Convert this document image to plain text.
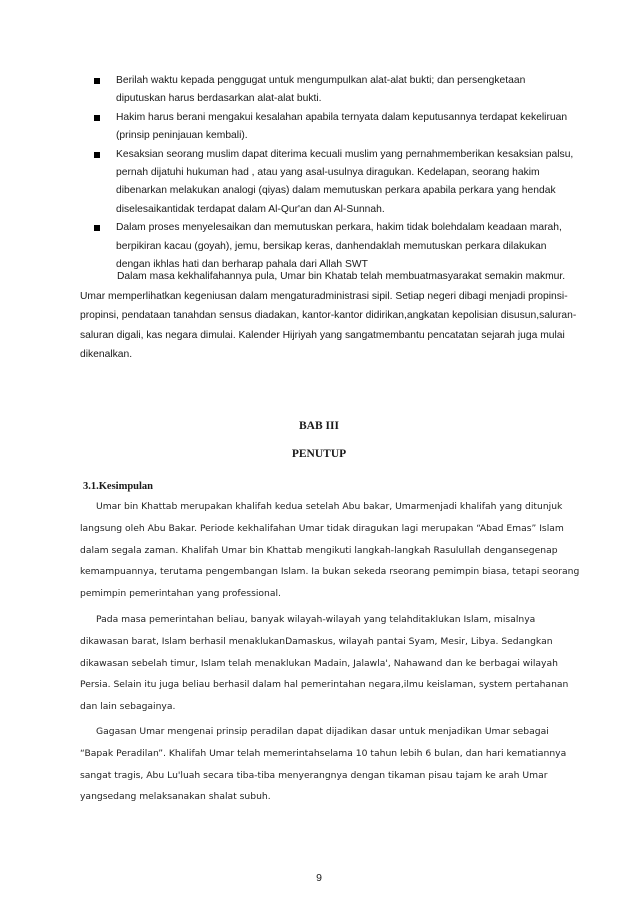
Berilah waktu kepada penggugat untuk mengumpulkan alat-alat bukti; dan persengketaan diputuskan harus berdasarkan alat-alat bukti.
Hakim harus berani mengakui kesalahan apabila ternyata dalam keputusannya terdapat kekeliruan (prinsip peninjauan kembali).
Kesaksian seorang muslim dapat diterima kecuali muslim yang pernahmemberikan kesaksian palsu, pernah dijatuhi hukuman had , atau yang asal-usulnya diragukan. Kedelapan, seorang hakim dibenarkan melakukan analogi (qiyas) dalam memutuskan perkara apabila perkara yang hendak diselesaikantidak terdapat dalam Al-Qur'an dan Al-Sunnah.
Dalam proses menyelesaikan dan memutuskan perkara, hakim tidak bolehdalam keadaan marah, berpikiran kacau (goyah), jemu, bersikap keras, danhendaklah memutuskan perkara dilakukan dengan ikhlas hati dan berharap pahala dari Allah SWT

Dalam masa kekhalifahannya pula, Umar bin Khatab telah membuatmasyarakat semakin makmur. Umar memperlihatkan kegeniusan dalam mengaturadministrasi sipil. Setiap negeri dibagi menjadi propinsi-propinsi, pendataan tanahdan sensus diadakan, kantor-kantor didirikan,angkatan kepolisian disusun,saluran-saluran digali, kas negara dimulai. Kalender Hijriyah yang sangatmembantu pencatatan sejarah juga mulai dikenalkan.

BAB III

PENUTUP

3.1.Kesimpulan

Umar bin Khattab merupakan khalifah kedua setelah Abu bakar, Umarmenjadi khalifah yang ditunjuk langsung oleh Abu Bakar. Periode kekhalifahan Umar tidak diragukan lagi merupakan “Abad Emas” Islam dalam segala zaman. Khalifah Umar bin Khattab mengikuti langkah-langkah Rasulullah dengansegenap kemampuannya, terutama pengembangan Islam. Ia bukan sekeda rseorang pemimpin biasa, tetapi seorang pemimpin pemerintahan yang professional.

Pada masa pemerintahan beliau, banyak wilayah-wilayah yang telahditaklukan Islam, misalnya dikawasan barat, Islam berhasil menaklukanDamaskus, wilayah pantai Syam, Mesir, Libya. Sedangkan dikawasan sebelah timur, Islam telah menaklukan Madain, Jalawla', Nahawand dan ke berbagai wilayah Persia. Selain itu juga beliau berhasil dalam hal pemerintahan negara,ilmu keislaman, system pertahanan dan lain sebagainya.

Gagasan Umar mengenai prinsip peradilan dapat dijadikan dasar untuk menjadikan Umar sebagai “Bapak Peradilan”. Khalifah Umar telah memerintahselama 10 tahun lebih 6 bulan, dan hari kematiannya sangat tragis, Abu Lu'luah secara tiba-tiba menyerangnya dengan tikaman pisau tajam ke arah Umar yangsedang melaksanakan shalat subuh.

9
